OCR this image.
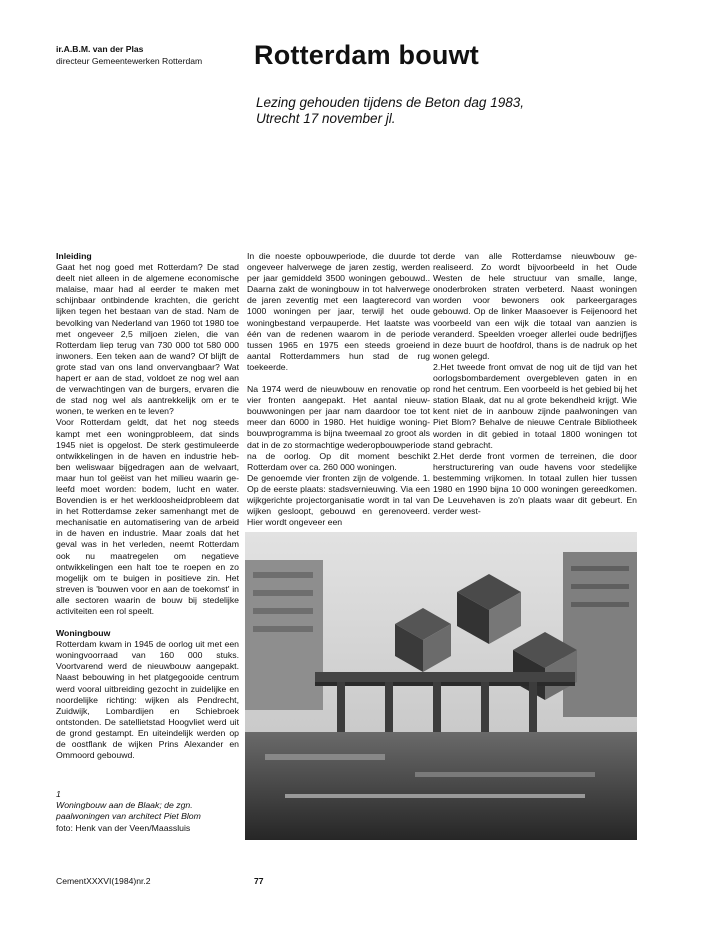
ir.A.B.M. van der Plas
directeur Gemeentewerken Rotterdam Rotterdam bouwt
Lezing gehouden tijdens de Beton dag 1983,
Utrecht 17 november jl.

Inleiding

Gaat het nog goed met Rotterdam? De stad deelt niet alleen in de algemene economische malaise, maar had al eerder te maken met schijnbaar ontbindende krachten, die gericht lijken tegen het bestaan van de stad. Nam de bevolking van Nederland van 1960 tot 1980 toe met ongeveer 2,5 miljoen zielen, die van Rotterdam liep terug van 730 000 tot 580 000 inwoners. Een teken aan de wand? Of blijft de grote stad van ons land onvervangbaar? Wat hapert er aan de stad, voldoet ze nog wel aan de verwachtingen van de burgers, ervaren die de stad nog wel als aantrekkelijk om er te wonen, te werken en te leven?

Voor Rotterdam geldt, dat het nog steeds kampt met een woningprobleem, dat sinds 1945 niet is opgelost. De sterk gestimuleerde ontwikkelingen in de haven en industrie hebben weliswaar bijgedragen aan de welvaart, maar hun tol geëist van het milieu waarin geleefd moet worden: bodem, lucht en water. Bovendien is er het werkloosheidprobleem dat in het Rotterdamse zeker samenhangt met de mechanisatie en automatisering van de arbeid in de haven en industrie. Maar zoals dat het geval was in het verleden, neemt Rotterdam ook nu maatregelen om negatieve ontwikkelingen een halt toe te roepen en zo mogelijk om te buigen in positieve zin. Het streven is 'bouwen voor en aan de toekomst' in alle sectoren waarin de bouw bij stedelijke activiteiten een rol speelt.

Woningbouw

Rotterdam kwam in 1945 de oorlog uit met een woningvoorraad van 160 000 stuks. Voortvarend werd de nieuwbouw aangepakt. Naast bebouwing in het platgegooide centrum werd vooral uitbreiding gezocht in zuidelijke en noordelijke richting: wijken als Pendrecht, Zuidwijk, Lombardijen en Schiebroek ontstonden. De satellietstad Hoogvliet werd uit de grond gestampt. En uiteindelijk werden op de oostflank de wijken Prins Alexander en Ommoord gebouwd.

In die noeste opbouwperiode, die duurde tot ongeveer halverwege de jaren zestig, werden per jaar gemiddeld 3500 woningen gebouwd.. Daarna zakt de woningbouw in tot halverwege de jaren zeventig met een laagterecord van 1000 woningen per jaar, terwijl het oude woningbestand verpauperde. Het laatste was één van de redenen waarom in de periode tussen 1965 en 1975 een steeds groeiend aantal Rotterdammers hun stad de rug toekeerde.

Na 1974 werd de nieuwbouw en renovatie op vier fronten aangepakt. Het aantal nieuwbouwwoningen per jaar nam daardoor toe tot meer dan 6000 in 1980. Het huidige woningbouwprogramma is bijna tweemaal zo groot als dat in de zo stormachtige wederopbouwperiode na de oorlog. Op dit moment beschikt Rotterdam over ca. 260 000 woningen.

De genoemde vier fronten zijn de volgende. 1. Op de eerste plaats: stadsvernieuwing. Via een wijkgerichte projectorganisatie wordt in tal van wijken gesloopt, gebouwd en gerenoveerd. Hier wordt ongeveer een

derde van alle Rotterdamse nieuwbouw gerealiseerd. Zo wordt bijvoorbeeld in het Oude Westen de hele structuur van smalle, lange, onoderbroken straten verbeterd. Naast woningen worden voor bewoners ook parkeergarages gebouwd. Op de linker Maasoever is Feijenoord het voorbeeld van een wijk die totaal van aanzien is veranderd. Speelden vroeger allerlei oude bedrijfjes in deze buurt de hoofdrol, thans is de nadruk op het wonen gelegd.

2.Het tweede front omvat de nog uit de tijd van het oorlogsbombardement overgebleven gaten in en rond het centrum. Een voorbeeld is het gebied bij het station Blaak, dat nu al grote bekendheid krijgt. Wie kent niet de in aanbouw zijnde paalwoningen van Piet Blom? Behalve de nieuwe Centrale Bibliotheek worden in dit gebied in totaal 1800 woningen tot stand gebracht.

2.Het derde front vormen de terreinen, die door herstructurering van oude havens voor stedelijke bestemming vrijkomen. In totaal zullen hier tussen 1980 en 1990 bijna 10 000 woningen gereedkomen. De Leuvehaven is zo'n plaats waar dit gebeurt. En verder west-

1
Woningbouw aan de Blaak; de zgn.
paalwoningen van architect Piet Blom
foto: Henk van der Veen/Maassluis
CementXXXVI(1984)nr.2	77
